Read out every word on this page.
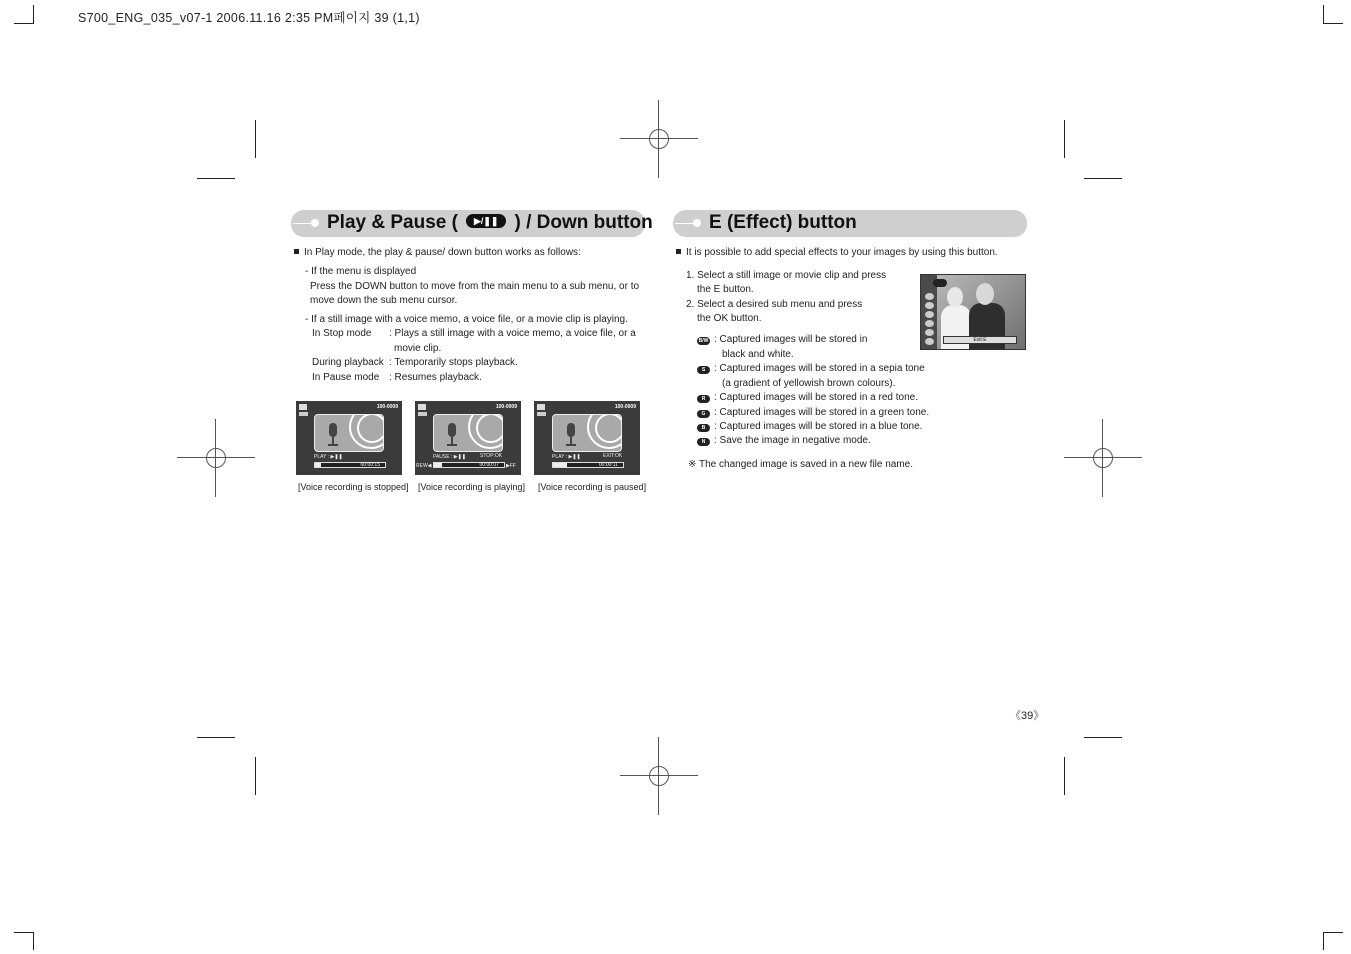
S700_ENG_035_v07-1 2006.11.16 2:35 PM페이지 39 (1,1)
Play & Pause ( ▶/❚❚ ) / Down button
In Play mode, the play & pause/ down button works as follows:
- If the menu is displayed
Press the DOWN button to move from the main menu to a sub menu, or to
move down the sub menu cursor.
- If a still image with a voice memo, a voice file, or a movie clip is playing.
In Stop mode : Plays a still image with a voice memo, a voice file, or a
movie clip.
During playback : Temporarily stops playback.
In Pause mode : Resumes playback.
100-0009
PLAY : ▶❚❚
00:00:15
100-0009
PAUSE : ▶❚❚	STOP:OK
REW◀	▶FF
00:00:07
100-0009
PLAY : ▶❚❚	EXIT:OK
00:00:11
[Voice recording is stopped] [Voice recording is playing] [Voice recording is paused]
E (Effect) button
It is possible to add special effects to your images by using this button.
1. Select a still image or movie clip and press
the E button.
2. Select a desired sub menu and press
the OK button.
B/W : Captured images will be stored in
black and white.
S : Captured images will be stored in a sepia tone
(a gradient of yellowish brown colours).
R : Captured images will be stored in a red tone.
G : Captured images will be stored in a green tone.
B : Captured images will be stored in a blue tone.
N : Save the image in negative mode.
※ The changed image is saved in a new file name.
Exit:E
《39》
